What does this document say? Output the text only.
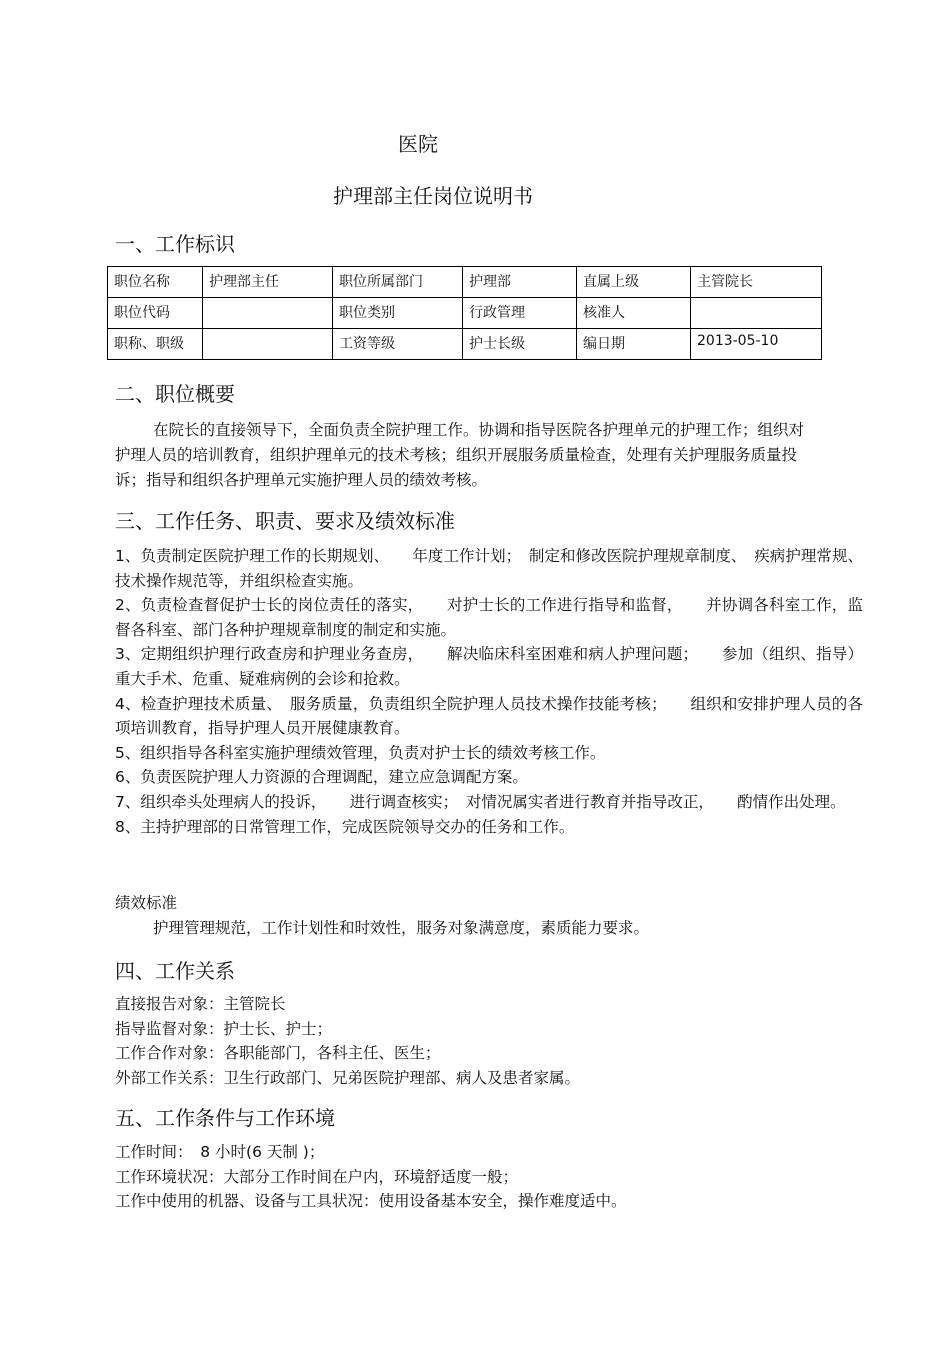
医院
护理部主任岗位说明书
一、工作标识
职位名称	护理部主任	职位所属部门	护理部	直属上级	主管院长
职位代码		职位类别	行政管理	核准人	
职称、职级		工资等级	护士长级	编日期	2013-05-10
二、职位概要
在院长的直接领导下，全面负责全院护理工作。协调和指导医院各护理单元的护理工作；组织对护理人员的培训教育，组织护理单元的技术考核；组织开展服务质量检查，处理有关护理服务质量投诉；指导和组织各护理单元实施护理人员的绩效考核。
三、工作任务、职责、要求及绩效标准

1、负责制定医院护理工作的长期规划、　　年度工作计划；　制定和修改医院护理规章制度、　疾病护理常规、技术操作规范等，并组织检查实施。

2、负责检查督促护士长的岗位责任的落实，　　对护士长的工作进行指导和监督，　　并协调各科室工作，监督各科室、部门各种护理规章制度的制定和实施。

3、定期组织护理行政查房和护理业务查房，　　解决临床科室困难和病人护理问题；　　参加（组织、指导）重大手术、危重、疑难病例的会诊和抢救。

4、检查护理技术质量、　服务质量，负责组织全院护理人员技术操作技能考核；　　组织和安排护理人员的各项培训教育，指导护理人员开展健康教育。

5、组织指导各科室实施护理绩效管理，负责对护士长的绩效考核工作。

6、负责医院护理人力资源的合理调配，建立应急调配方案。

7、组织牵头处理病人的投诉，　　进行调查核实；　对情况属实者进行教育并指导改正，　　酌情作出处理。

8、主持护理部的日常管理工作，完成医院领导交办的任务和工作。

绩效标准
护理管理规范，工作计划性和时效性，服务对象满意度，素质能力要求。
四、工作关系

直接报告对象：主管院长

指导监督对象：护士长、护士；

工作合作对象：各职能部门，各科主任、医生；

外部工作关系：卫生行政部门、兄弟医院护理部、病人及患者家属。

五、工作条件与工作环境

工作时间：　8 小时(6 天制 )；

工作环境状况：大部分工作时间在户内，环境舒适度一般；

工作中使用的机器、设备与工具状况：使用设备基本安全，操作难度适中。
